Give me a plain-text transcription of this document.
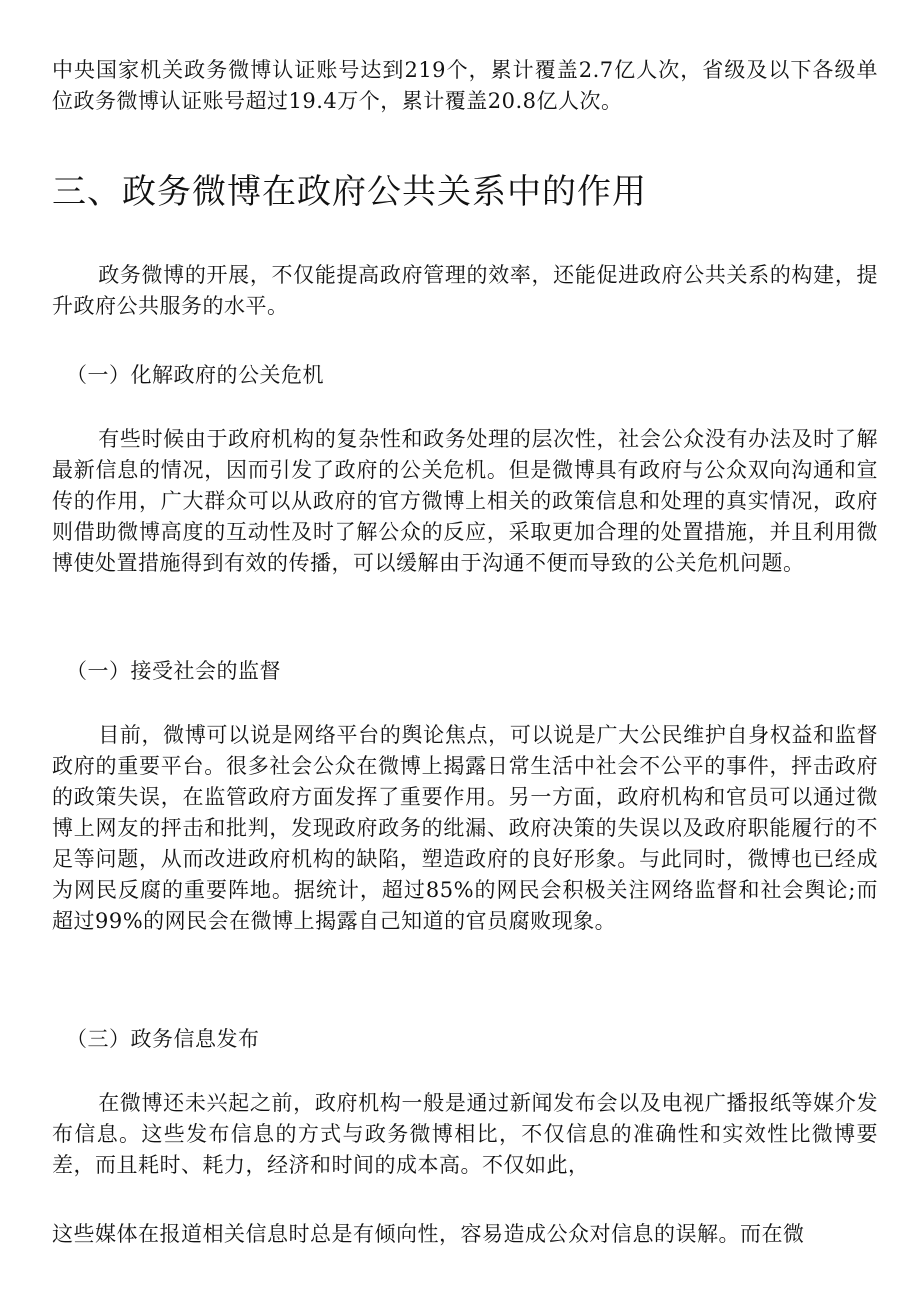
中央国家机关政务微博认证账号达到219个，累计覆盖2.7亿人次，省级及以下各级单位政务微博认证账号超过19.4万个，累计覆盖20.8亿人次。

三、政务微博在政府公共关系中的作用

政务微博的开展，不仅能提高政府管理的效率，还能促进政府公共关系的构建，提升政府公共服务的水平。

（一）化解政府的公关危机

有些时候由于政府机构的复杂性和政务处理的层次性，社会公众没有办法及时了解最新信息的情况，因而引发了政府的公关危机。但是微博具有政府与公众双向沟通和宣传的作用，广大群众可以从政府的官方微博上相关的政策信息和处理的真实情况，政府则借助微博高度的互动性及时了解公众的反应，采取更加合理的处置措施，并且利用微博使处置措施得到有效的传播，可以缓解由于沟通不便而导致的公关危机问题。

（一）接受社会的监督

目前，微博可以说是网络平台的舆论焦点，可以说是广大公民维护自身权益和监督政府的重要平台。很多社会公众在微博上揭露日常生活中社会不公平的事件，抨击政府的政策失误，在监管政府方面发挥了重要作用。另一方面，政府机构和官员可以通过微博上网友的抨击和批判，发现政府政务的纰漏、政府决策的失误以及政府职能履行的不足等问题，从而改进政府机构的缺陷，塑造政府的良好形象。与此同时，微博也已经成为网民反腐的重要阵地。据统计，超过85%的网民会积极关注网络监督和社会舆论;而超过99%的网民会在微博上揭露自己知道的官员腐败现象。

（三）政务信息发布

在微博还未兴起之前，政府机构一般是通过新闻发布会以及电视广播报纸等媒介发布信息。这些发布信息的方式与政务微博相比，不仅信息的准确性和实效性比微博要差，而且耗时、耗力，经济和时间的成本高。不仅如此，

这些媒体在报道相关信息时总是有倾向性，容易造成公众对信息的误解。而在微
